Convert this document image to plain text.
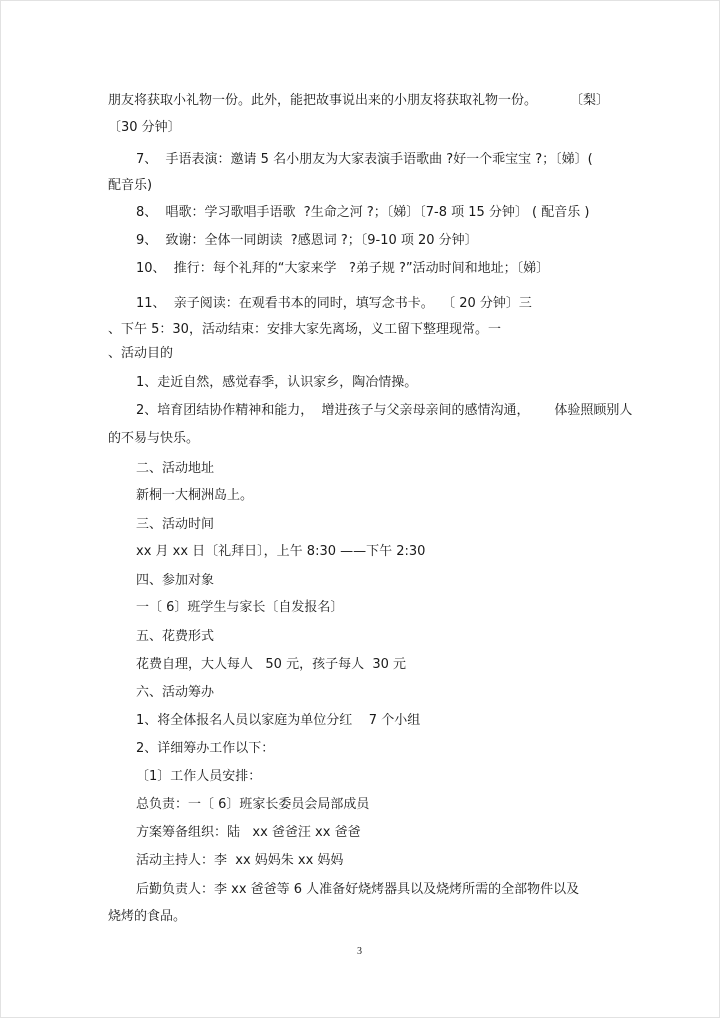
朋友将获取小礼物一份。此外，能把故事说出来的小朋友将获取礼物一份。        〔梨〕
〔30 分钟〕
7、  手语表演：邀请 5 名小朋友为大家表演手语歌曲 ?好一个乖宝宝 ?；〔娣〕(
配音乐)
8、  唱歌：学习歌唱手语歌  ?生命之河 ?；〔娣〕〔7-8 项 15 分钟〕 ( 配音乐 )
9、  致谢：全体一同朗读  ?感恩词 ?；〔9-10 项 20 分钟〕
10、  推行：每个礼拜的“大家来学   ?弟子规 ?”活动时间和地址；〔娣〕
11、  亲子阅读：在观看书本的同时，填写念书卡。  〔 20 分钟〕三
、下午 5：30，活动结束：安排大家先离场，义工留下整理现常。一
、活动目的
1、走近自然，感觉春季，认识家乡，陶冶情操。
2、培育团结协作精神和能力，  增进孩子与父亲母亲间的感情沟通，      体验照顾别人
的不易与快乐。
二、活动地址
新桐一大桐洲岛上。
三、活动时间
xx 月 xx 日〔礼拜日〕，上午 8:30 ——下午 2:30
四、参加对象
一〔 6〕班学生与家长〔自发报名〕
五、花费形式
花费自理，大人每人   50 元，孩子每人  30 元
六、活动筹办
1、将全体报名人员以家庭为单位分红    7 个小组
2、详细筹办工作以下：
〔1〕工作人员安排：
总负责：一〔 6〕班家长委员会局部成员
方案筹备组织：陆   xx 爸爸汪 xx 爸爸
活动主持人：李  xx 妈妈朱 xx 妈妈
后勤负责人：李 xx 爸爸等 6 人准备好烧烤器具以及烧烤所需的全部物件以及
烧烤的食品。
3
